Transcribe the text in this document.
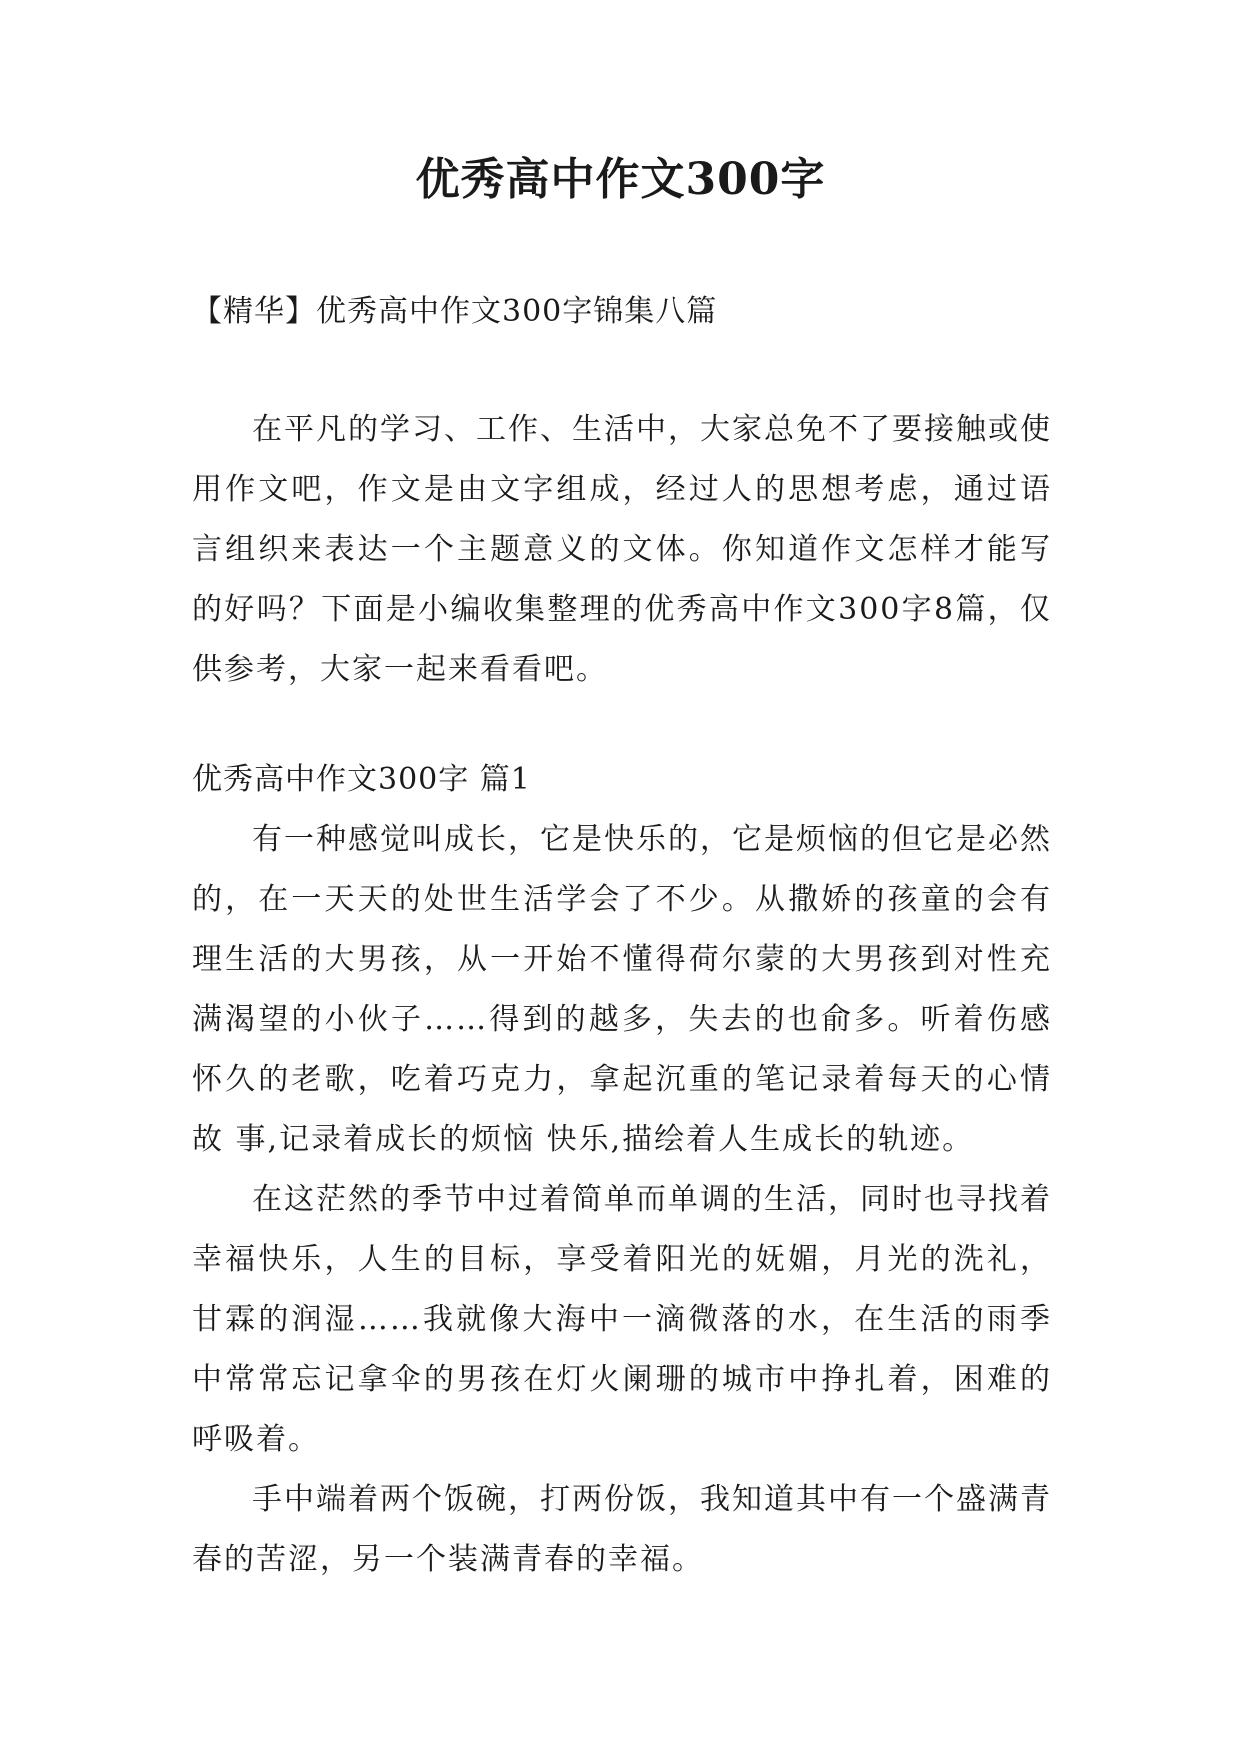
优秀高中作文300字
【精华】优秀高中作文300字锦集八篇

在平凡的学习、工作、生活中，大家总免不了要接触或使用作文吧，作文是由文字组成，经过人的思想考虑，通过语言组织来表达一个主题意义的文体。你知道作文怎样才能写的好吗？下面是小编收集整理的优秀高中作文300字8篇，仅供参考，大家一起来看看吧。

优秀高中作文300字 篇1

有一种感觉叫成长，它是快乐的，它是烦恼的但它是必然的，在一天天的处世生活学会了不少。从撒娇的孩童的会有理生活的大男孩，从一开始不懂得荷尔蒙的大男孩到对性充满渴望的小伙子……得到的越多，失去的也俞多。听着伤感怀久的老歌，吃着巧克力，拿起沉重的笔记录着每天的心情故 事,记录着成长的烦恼 快乐,描绘着人生成长的轨迹。

在这茫然的季节中过着简单而单调的生活，同时也寻找着幸福快乐，人生的目标，享受着阳光的妩媚，月光的洗礼，甘霖的润湿……我就像大海中一滴微落的水，在生活的雨季中常常忘记拿伞的男孩在灯火阑珊的城市中挣扎着，困难的呼吸着。

手中端着两个饭碗，打两份饭，我知道其中有一个盛满青春的苦涩，另一个装满青春的幸福。
